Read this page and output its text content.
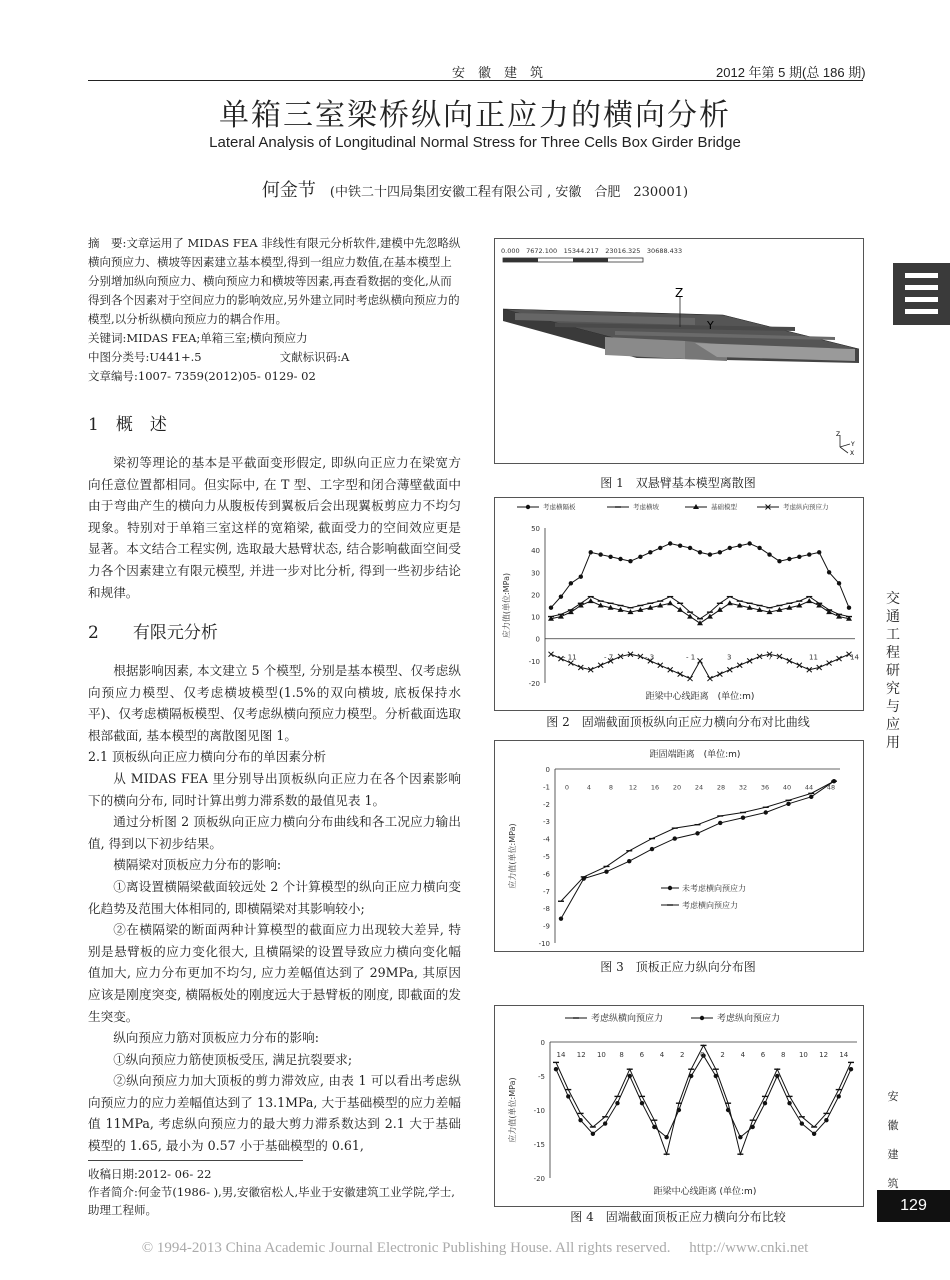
安　徽　建　筑	2012 年第 5 期(总 186 期)
单箱三室梁桥纵向正应力的横向分析
Lateral Analysis of Longitudinal Normal Stress for Three Cells Box Girder Bridge
何金节 (中铁二十四局集团安徽工程有限公司 , 安徽　合肥　230001)
摘　要:文章运用了 MIDAS FEA 非线性有限元分析软件,建模中先忽略纵横向预应力、横坡等因素建立基本模型,得到一组应力数值,在基本模型上分别增加纵向预应力、横向预应力和横坡等因素,再查看数据的变化,从而得到各个因素对于空间应力的影响效应,另外建立同时考虑纵横向预应力的模型,以分析纵横向预应力的耦合作用。
关键词:MIDAS FEA;单箱三室;横向预应力
中图分类号:U441+.5	文献标识码:A
文章编号:1007- 7359(2012)05- 0129- 02
1　概　述

梁初等理论的基本是平截面变形假定, 即纵向正应力在梁宽方向任意位置都相同。但实际中, 在 T 型、工字型和闭合薄壁截面中由于弯曲产生的横向力从腹板传到翼板后会出现翼板剪应力不均匀现象。特别对于单箱三室这样的宽箱梁, 截面受力的空间效应更是显著。本文结合工程实例, 选取最大悬臂状态, 结合影响截面空间受力各个因素建立有限元模型, 并进一步对比分析, 得到一些初步结论和规律。

2　　有限元分析

根据影响因素, 本文建立 5 个模型, 分别是基本模型、仅考虑纵向预应力模型、仅考虑横坡模型(1.5%的双向横坡, 底板保持水平)、仅考虑横隔板模型、仅考虑纵横向预应力模型。分析截面选取根部截面, 基本模型的离散图见图 1。

2.1 顶板纵向正应力横向分布的单因素分析

从 MIDAS FEA 里分别导出顶板纵向正应力在各个因素影响下的横向分布, 同时计算出剪力滞系数的最值见表 1。

通过分析图 2 顶板纵向正应力横向分布曲线和各工况应力输出值, 得到以下初步结果。

横隔梁对顶板应力分布的影响:

①离设置横隔梁截面较远处 2 个计算模型的纵向正应力横向变化趋势及范围大体相同的, 即横隔梁对其影响较小;

②在横隔梁的断面两种计算模型的截面应力出现较大差异, 特别是悬臂板的应力变化很大, 且横隔梁的设置导致应力横向变化幅值加大, 应力分布更加不均匀, 应力差幅值达到了 29MPa, 其原因应该是刚度突变, 横隔板处的刚度远大于悬臂板的刚度, 即截面的发生突变。

纵向预应力筋对顶板应力分布的影响:

①纵向预应力筋使顶板受压, 满足抗裂要求;

②纵向预应力加大顶板的剪力滞效应, 由表 1 可以看出考虑纵向预应力的应力差幅值达到了 13.1MPa, 大于基础模型的应力差幅值 11MPa, 考虑纵向预应力的最大剪力滞系数达到 2.1 大于基础模型的 1.65, 最小为 0.57 小于基础模型的 0.61,

收稿日期:2012- 06- 22
作者简介:何金节(1986- ),男,安徽宿松人,毕业于安徽建筑工业学院,学士,助理工程师。
0.000　7672.100　15344.217　23016.325　30688.433
Z
Y
Z
Y
X
图 1　双悬臂基本模型离散图
考虑横隔板	考虑横坡	基础模型	考虑纵向预应力
50
40
30
20
10
0
-10
-20
应力值(单位:MPa)
- 11	- 7	- 3	- 1	3	7	11	14
距梁中心线距离　(单位:m)
图 2　固端截面顶板纵向正应力横向分布对比曲线
距固端距离　(单位:m)
0
-1
-2
-3
-4
-5
-6
-7
-8
-9
-10
应力值(单位:MPa)
0	4	8 12 16 20 24 28 32 36 40 44 48
未考虑横向预应力
考虑横向预应力
图 3　顶板正应力纵向分布图
考虑纵横向预应力	考虑纵向预应力
0
-5
-10
-15
-20
应力值(单位:MPa)
14 12 10 8 6 4 2 0 2 4 6 8 10 12 14
距梁中心线距离 (单位:m)
图 4　固端截面顶板正应力横向分布比较
交通工程研究与应用
安徽建筑
129
© 1994-2013 China Academic Journal Electronic Publishing House. All rights reserved.　 http://www.cnki.net
